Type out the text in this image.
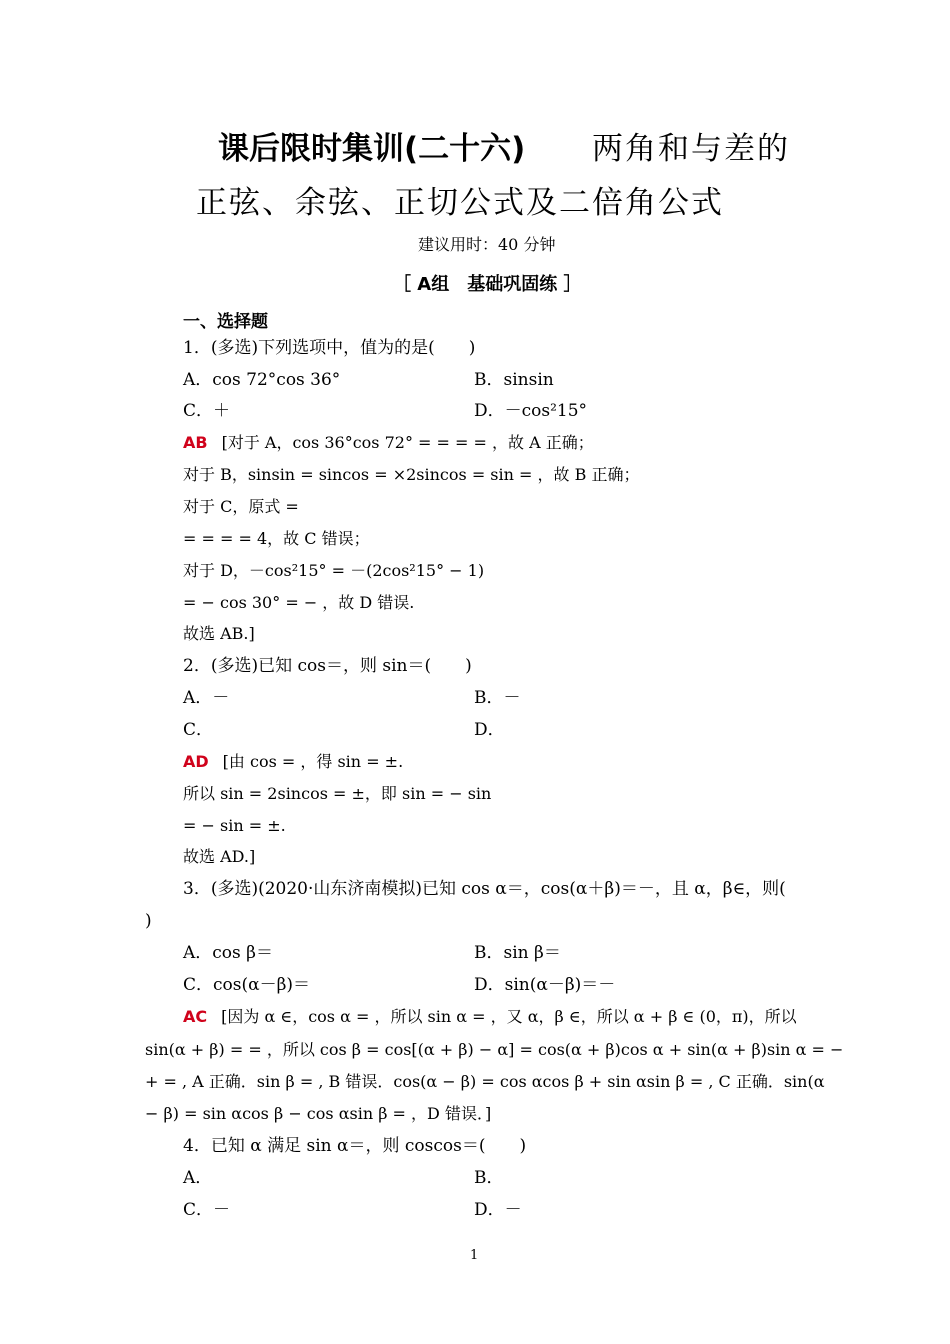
课后限时集训(二十六) 两角和与差的
正弦、余弦、正切公式及二倍角公式
建议用时：40 分钟
［ A组　基础巩固练 ］
一、选择题
1．(多选)下列选项中，值为的是(　　)
A．cos 72°cos 36°	B．sinsin
C．＋	D．－cos²15°
AB [对于 A，cos 36°cos 72° = = = = ，故 A 正确；
对于 B，sinsin = sincos = ×2sincos = sin = ，故 B 正确；
对于 C，原式 =
= = = = 4，故 C 错误；
对于 D，－cos²15° = －(2cos²15° − 1)
= − cos 30° = − ，故 D 错误.
故选 AB.]
2．(多选)已知 cos＝，则 sin＝(　　)
A．－	B．－
C．	D．
AD [由 cos = ，得 sin = ±.
所以 sin = 2sincos = ±，即 sin = − sin
= − sin = ±.
故选 AD.]
3．(多选)(2020·山东济南模拟)已知 cos α＝，cos(α＋β)＝－，且 α，β∈，则(
)
A．cos β＝	B．sin β＝
C．cos(α－β)＝	D．sin(α－β)＝－
AC [因为 α ∈，cos α = ，所以 sin α = ，又 α，β ∈，所以 α + β ∈ (0，π)，所以
sin(α + β) = = ，所以 cos β = cos[(α + β) − α] = cos(α + β)cos α + sin(α + β)sin α = −
+ = , A 正确．sin β = , B 错误．cos(α − β) = cos αcos β + sin αsin β = , C 正确．sin(α
− β) = sin αcos β − cos αsin β = ，D 错误．]
4．已知 α 满足 sin α＝，则 coscos＝(　　)
A．	B．
C．－	D．－
1
